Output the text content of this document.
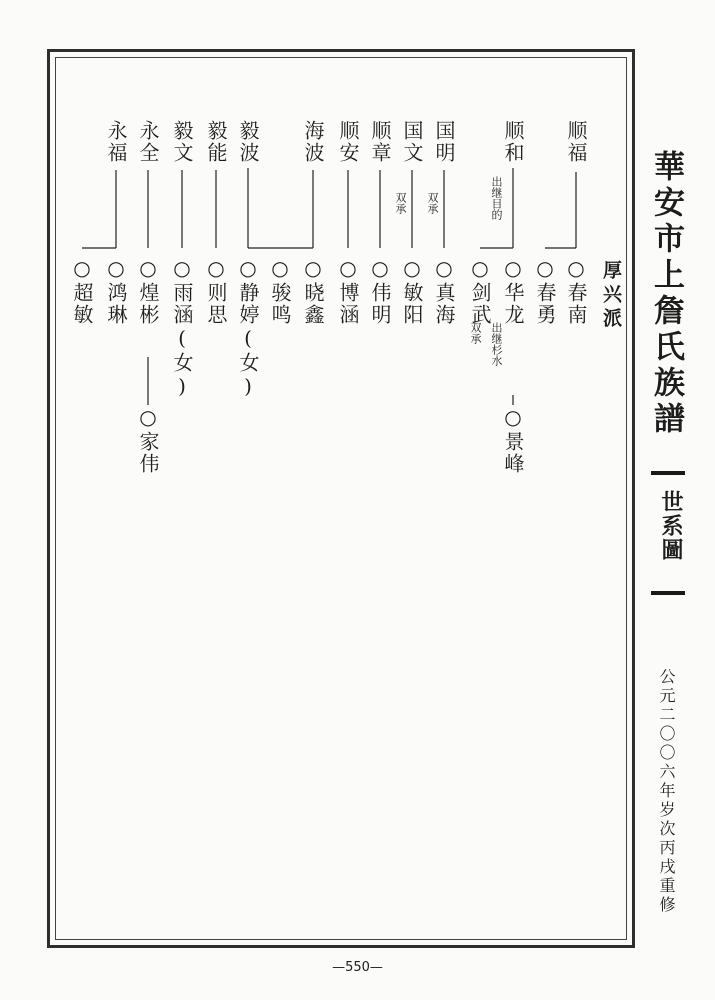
華安市上詹氏族譜
世系圖
公元二〇〇六年岁次丙戌重修
厚兴派
顺福
顺和
国明
国文
顺章
顺安
海波
毅波
毅能
毅文
永全
永福
出继目的
双承
双承
出继杉水
双承
○春南
○春勇
○华龙
○剑武
○真海
○敏阳
○伟明
○博涵
○晓鑫
○骏鸣
○静婷(女)
○则思
○雨涵(女)
○煌彬
○鸿琳
○超敏
○景峰
○家伟
—550—
